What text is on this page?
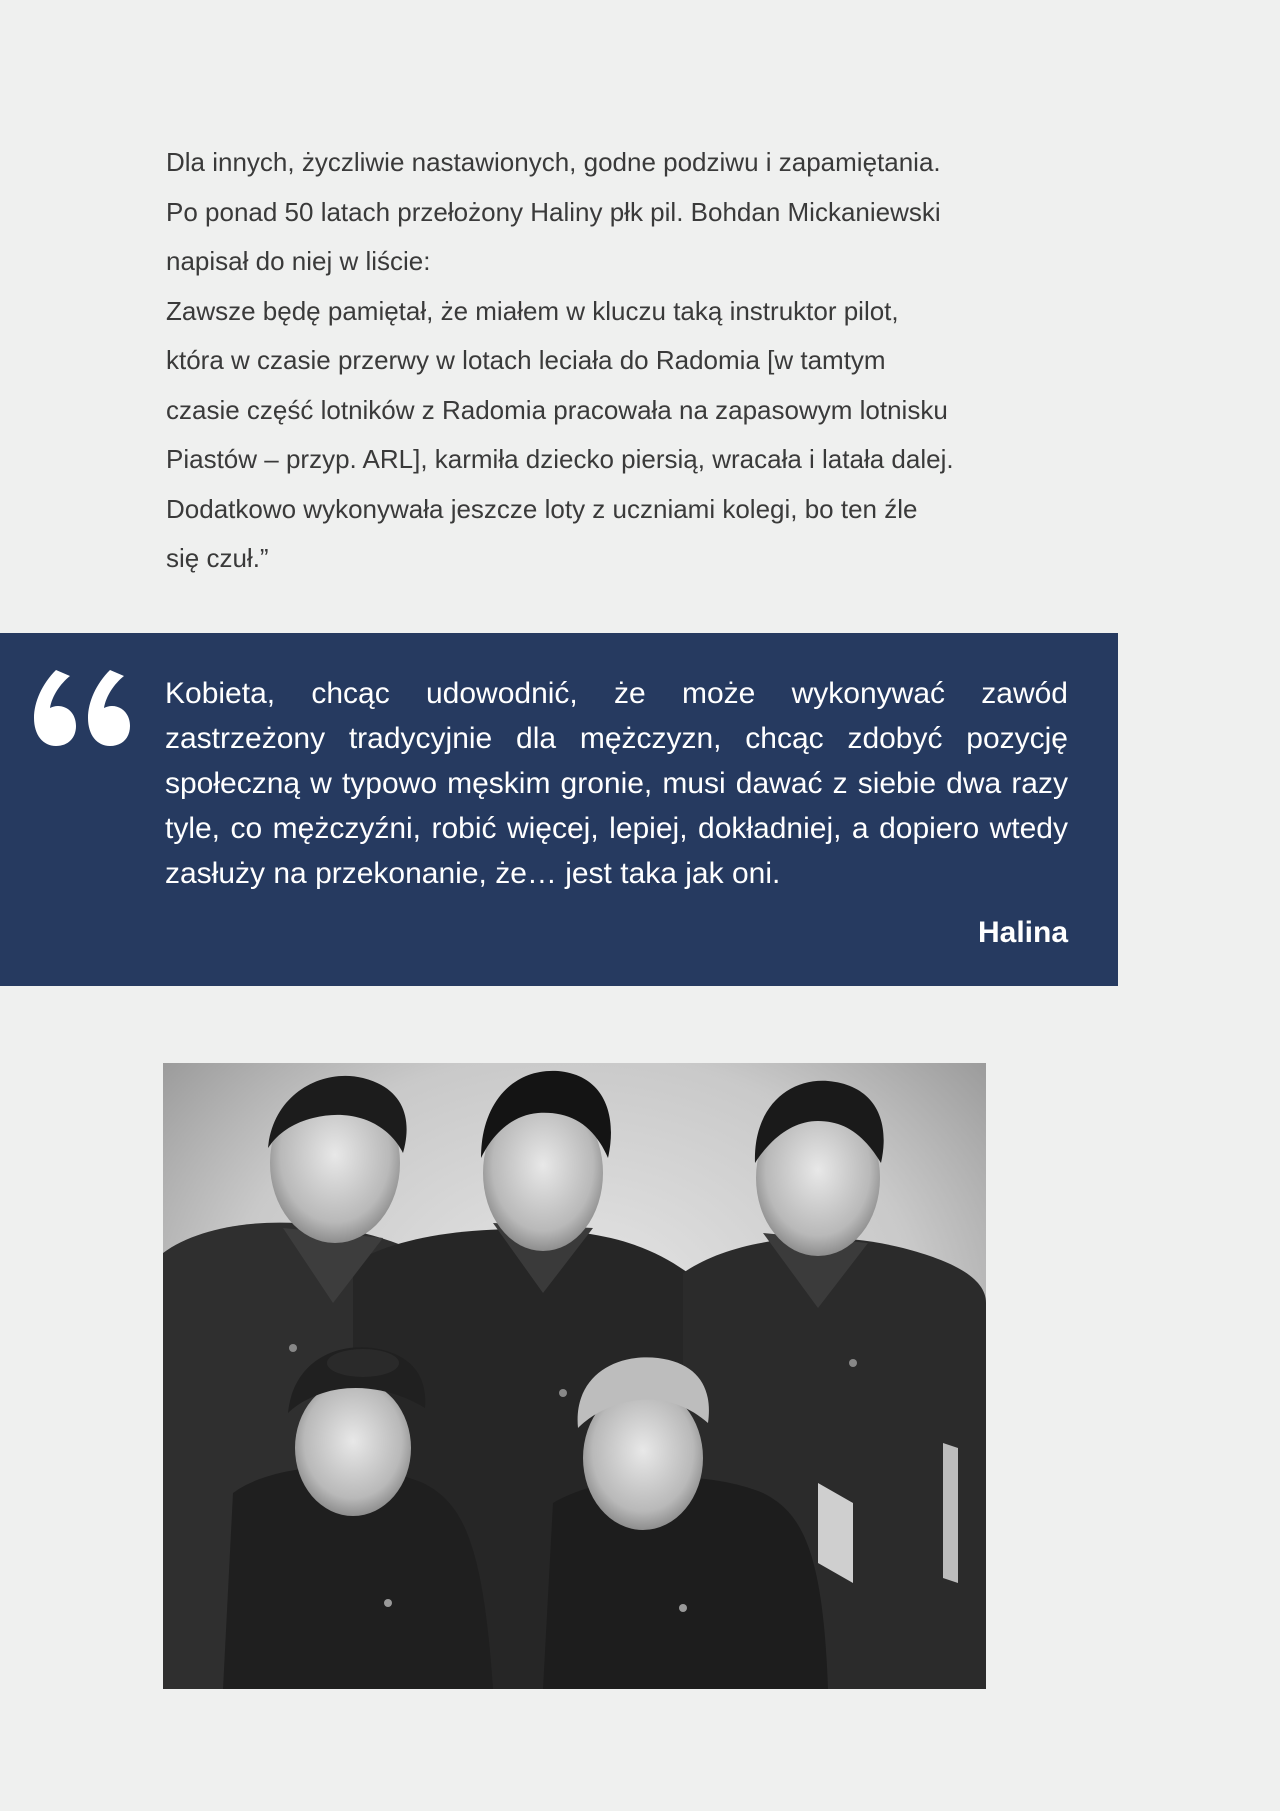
Dla innych, życzliwie nastawionych, godne podziwu i zapamiętania.

Po ponad 50 latach przełożony Haliny płk pil. Bohdan Mickaniewski

napisał do niej w liście:

Zawsze będę pamiętał, że miałem w kluczu taką instruktor pilot,

która w czasie przerwy w lotach leciała do Radomia [w tamtym

czasie część lotników z Radomia pracowała na zapasowym lotnisku

Piastów – przyp. ARL], karmiła dziecko piersią, wracała i latała dalej.

Dodatkowo wykonywała jeszcze loty z uczniami kolegi, bo ten źle

się czuł.”

Kobieta, chcąc udowodnić, że może wykonywać zawód zastrzeżony tradycyjnie dla mężczyzn, chcąc zdobyć pozycję społeczną w typowo męskim gronie, musi dawać z siebie dwa razy tyle, co mężczyźni, robić więcej, lepiej, dokładniej, a dopiero wtedy zasłuży na przekonanie, że… jest taka jak oni.

Halina
